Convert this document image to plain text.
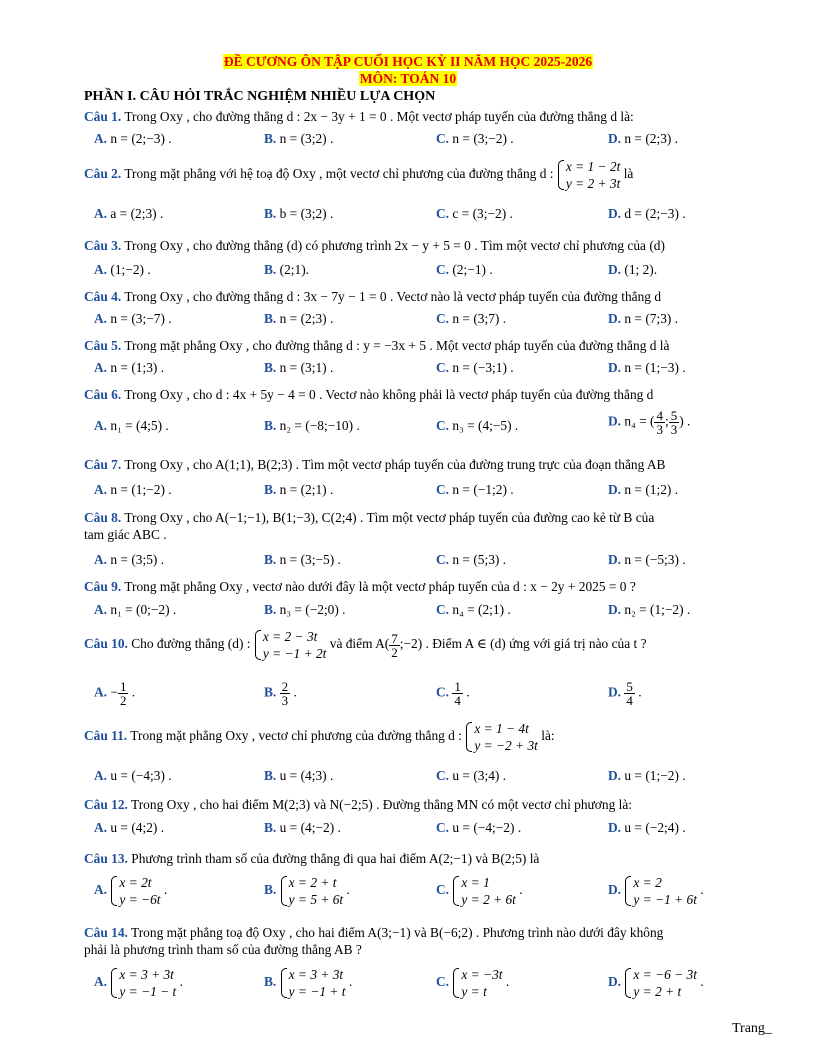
ĐỀ CƯƠNG ÔN TẬP CUỐI HỌC KỲ II NĂM HỌC 2025-2026
MÔN: TOÁN 10
PHẦN I. CÂU HỎI TRẮC NGHIỆM NHIỀU LỰA CHỌN
Câu 1. Trong Oxy , cho đường thẳng d : 2x − 3y + 1 = 0 . Một vectơ pháp tuyến của đường thẳng d là:
A. n = (2;−3) .	B. n = (3;2) .	C. n = (3;−2) .	D. n = (2;3) .
Câu 2. Trong mặt phẳng với hệ toạ độ Oxy , một vectơ chỉ phương của đường thẳng d : x = 1 − 2t
y = 2 + 3t
là
A. a = (2;3) .	B. b = (3;2) .	C. c = (3;−2) .	D. d = (2;−3) .
Câu 3. Trong Oxy , cho đường thẳng (d) có phương trình 2x − y + 5 = 0 . Tìm một vectơ chỉ phương của (d)
A. (1;−2) .	B. (2;1).	C. (2;−1) .	D. (1; 2).
Câu 4. Trong Oxy , cho đường thẳng d : 3x − 7y − 1 = 0 . Vectơ nào là vectơ pháp tuyến của đường thẳng d
A. n = (3;−7) .	B. n = (2;3) .	C. n = (3;7) .	D. n = (7;3) .
Câu 5. Trong mặt phẳng Oxy , cho đường thẳng d : y = −3x + 5 . Một vectơ pháp tuyến của đường thẳng d là
A. n = (1;3) .	B. n = (3;1) .	C. n = (−3;1) .	D. n = (1;−3) .
Câu 6. Trong Oxy , cho d : 4x + 5y − 4 = 0 . Vectơ nào không phải là vectơ pháp tuyến của đường thẳng d
A. n₁ = (4;5) .	B. n₂ = (−8;−10) .	C. n₃ = (4;−5) .	D. n₄ = ( $\frac{4}{3}$ ; $\frac{5}{3}$ ) .
Câu 7. Trong Oxy , cho A(1;1), B(2;3) . Tìm một vectơ pháp tuyến của đường trung trực của đoạn thẳng AB
A. n = (1;−2) .	B. n = (2;1) .	C. n = (−1;2) .	D. n = (1;2) .
Câu 8. Trong Oxy , cho A(−1;−1), B(1;−3), C(2;4) . Tìm một vectơ pháp tuyến của đường cao kẻ từ B của
tam giác ABC .
A. n = (3;5) .	B. n = (3;−5) .	C. n = (5;3) .	D. n = (−5;3) .
Câu 9. Trong mặt phẳng Oxy , vectơ nào dưới đây là một vectơ pháp tuyến của d : x − 2y + 2025 = 0 ?
A. n₁ = (0;−2) .	B. n₃ = (−2;0) .	C. n₄ = (2;1) .	D. n₂ = (1;−2) .
Câu 10. Cho đường thẳng (d) : x = 2 − 3t
y = −1 + 2t
và điểm $A( \frac{7}{2}$ ;−2) . Điểm A ∈ (d) ứng với giá trị nào của t ?
A. − $\frac{1}{2}$ .	B. $\frac{2}{3}$ .	C. $\frac{1}{4}$ .	D. $\frac{5}{4}$ .
Câu 11. Trong mặt phẳng Oxy , vectơ chỉ phương của đường thẳng d : x = 1 − 4t
y = −2 + 3t
là:
A. u = (−4;3) .	B. u = (4;3) .	C. u = (3;4) .	D. u = (1;−2) .
Câu 12. Trong Oxy , cho hai điểm M(2;3) và N(−2;5) . Đường thẳng MN có một vectơ chỉ phương là:
A. u = (4;2) .	B. u = (4;−2) .	C. u = (−4;−2) .	D. u = (−2;4) .
Câu 13. Phương trình tham số của đường thẳng đi qua hai điểm A(2;−1) và B(2;5) là
A. x = 2t
y = −6t
.	B. x = 2 + t
y = 5 + 6t
.	C. x = 1
y = 2 + 6t
.	D. x = 2
y = −1 + 6t
.
Câu 14. Trong mặt phẳng toạ độ Oxy , cho hai điểm A(3;−1) và B(−6;2) . Phương trình nào dưới đây không
phải là phương trình tham số của đường thẳng AB ?
A. x = 3 + 3t
y = −1 − t
.	B. x = 3 + 3t
y = −1 + t
.	C. x = −3t
y = t
.	D. x = −6 − 3t
y = 2 + t
.
Trang_
